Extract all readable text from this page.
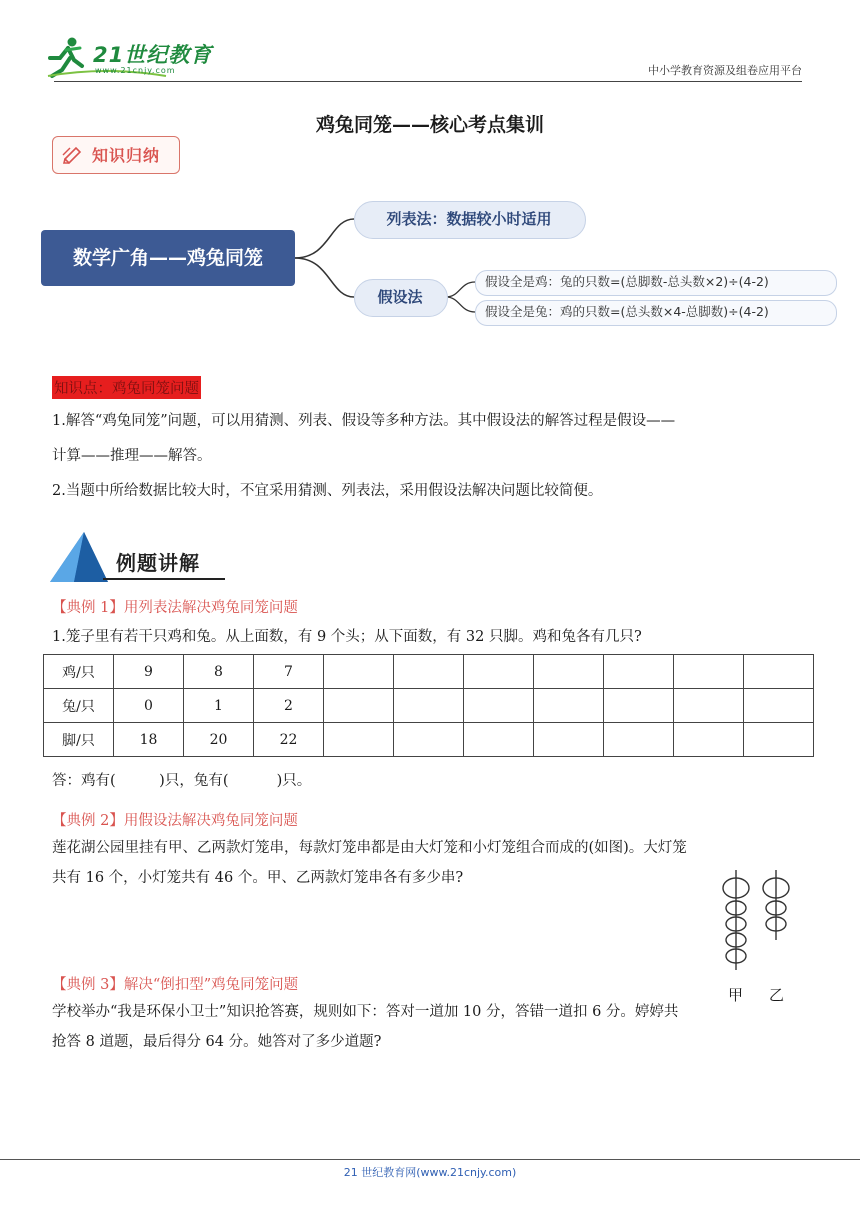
21世纪教育
www.21cnjy.com	中小学教育资源及组卷应用平台
鸡兔同笼——核心考点集训
知识归纳
数学广角——鸡兔同笼
列表法：数据较小时适用
假设法
假设全是鸡：兔的只数=(总脚数-总头数×2)÷(4-2)
假设全是兔：鸡的只数=(总头数×4-总脚数)÷(4-2)
知识点：鸡兔同笼问题
1.解答“鸡兔同笼”问题，可以用猜测、列表、假设等多种方法。其中假设法的解答过程是假设——
计算——推理——解答。
2.当题中所给数据比较大时，不宜采用猜测、列表法，采用假设法解决问题比较简便。
例题讲解
【典例 1】用列表法解决鸡兔同笼问题
1.笼子里有若干只鸡和兔。从上面数，有 9 个头；从下面数，有 32 只脚。鸡和兔各有几只?
鸡/只	9	8	7							
兔/只	0	1	2							
脚/只	18	20	22							
答：鸡有(　　　)只，兔有(　　　 )只。
【典例 2】用假设法解决鸡兔同笼问题
莲花湖公园里挂有甲、乙两款灯笼串，每款灯笼串都是由大灯笼和小灯笼组合而成的(如图)。大灯笼
共有 16 个，小灯笼共有 46 个。甲、乙两款灯笼串各有多少串?
甲 乙
【典例 3】解决“倒扣型”鸡兔同笼问题
学校举办“我是环保小卫士”知识抢答赛，规则如下：答对一道加 10 分，答错一道扣 6 分。婷婷共
抢答 8 道题，最后得分 64 分。她答对了多少道题?
21 世纪教育网(www.21cnjy.com)
